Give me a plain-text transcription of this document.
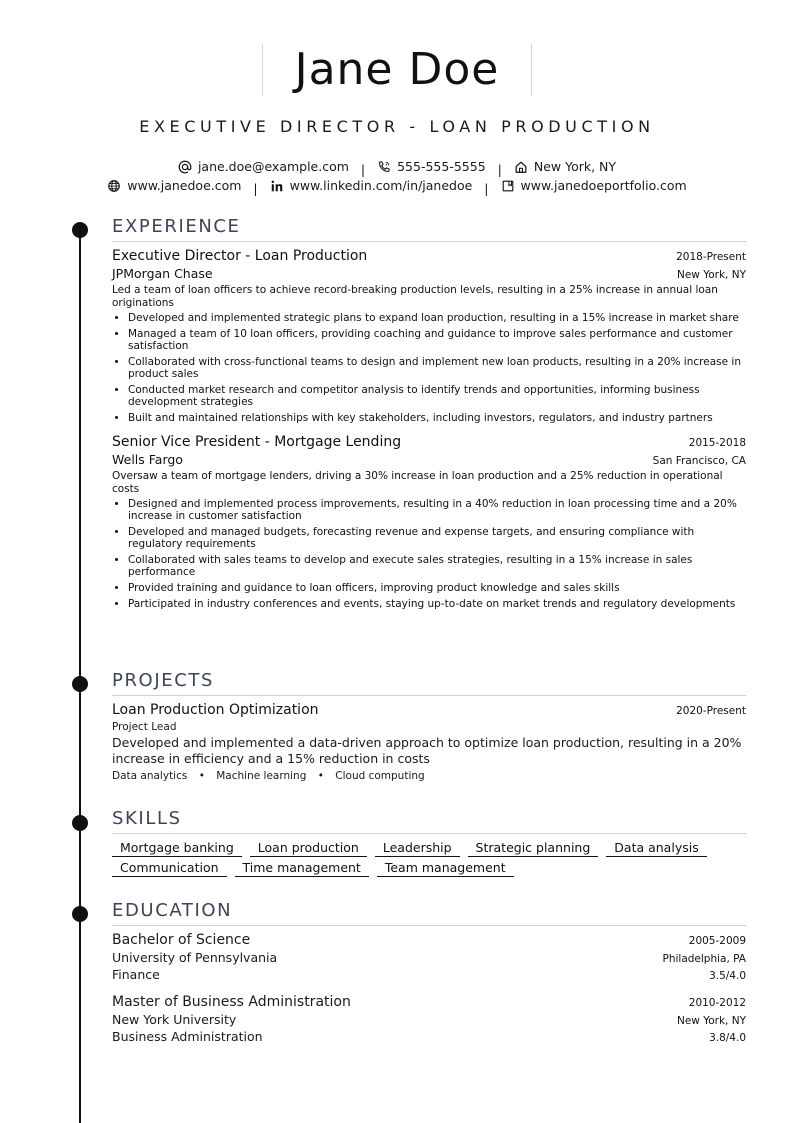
Jane Doe
EXECUTIVE DIRECTOR - LOAN PRODUCTION
jane.doe@example.com |	555-555-5555 |	New York, NY
www.janedoe.com |	www.linkedin.com/in/janedoe |	www.janedoeportfolio.com
EXPERIENCE
Executive Director - Loan Production	2018-Present
JPMorgan Chase	New York, NY
Led a team of loan officers to achieve record-breaking production levels, resulting in a 25% increase in annual loan originations
• Developed and implemented strategic plans to expand loan production, resulting in a 15% increase in market share
• Managed a team of 10 loan officers, providing coaching and guidance to improve sales performance and customer satisfaction
• Collaborated with cross-functional teams to design and implement new loan products, resulting in a 20% increase in product sales
• Conducted market research and competitor analysis to identify trends and opportunities, informing business development strategies
• Built and maintained relationships with key stakeholders, including investors, regulators, and industry partners
Senior Vice President - Mortgage Lending	2015-2018
Wells Fargo	San Francisco, CA
Oversaw a team of mortgage lenders, driving a 30% increase in loan production and a 25% reduction in operational costs
• Designed and implemented process improvements, resulting in a 40% reduction in loan processing time and a 20% increase in customer satisfaction
• Developed and managed budgets, forecasting revenue and expense targets, and ensuring compliance with regulatory requirements
• Collaborated with sales teams to develop and execute sales strategies, resulting in a 15% increase in sales performance
• Provided training and guidance to loan officers, improving product knowledge and sales skills
• Participated in industry conferences and events, staying up-to-date on market trends and regulatory developments
PROJECTS
Loan Production Optimization	2020-Present
Project Lead
Developed and implemented a data-driven approach to optimize loan production, resulting in a 20% increase in efficiency and a 15% reduction in costs
Data analytics • Machine learning • Cloud computing
SKILLS
Mortgage banking	Loan production	Leadership	Strategic planning	Data analysis
Communication	Time management	Team management
EDUCATION
Bachelor of Science	2005-2009
University of Pennsylvania	Philadelphia, PA
Finance	3.5/4.0
Master of Business Administration	2010-2012
New York University	New York, NY
Business Administration	3.8/4.0
